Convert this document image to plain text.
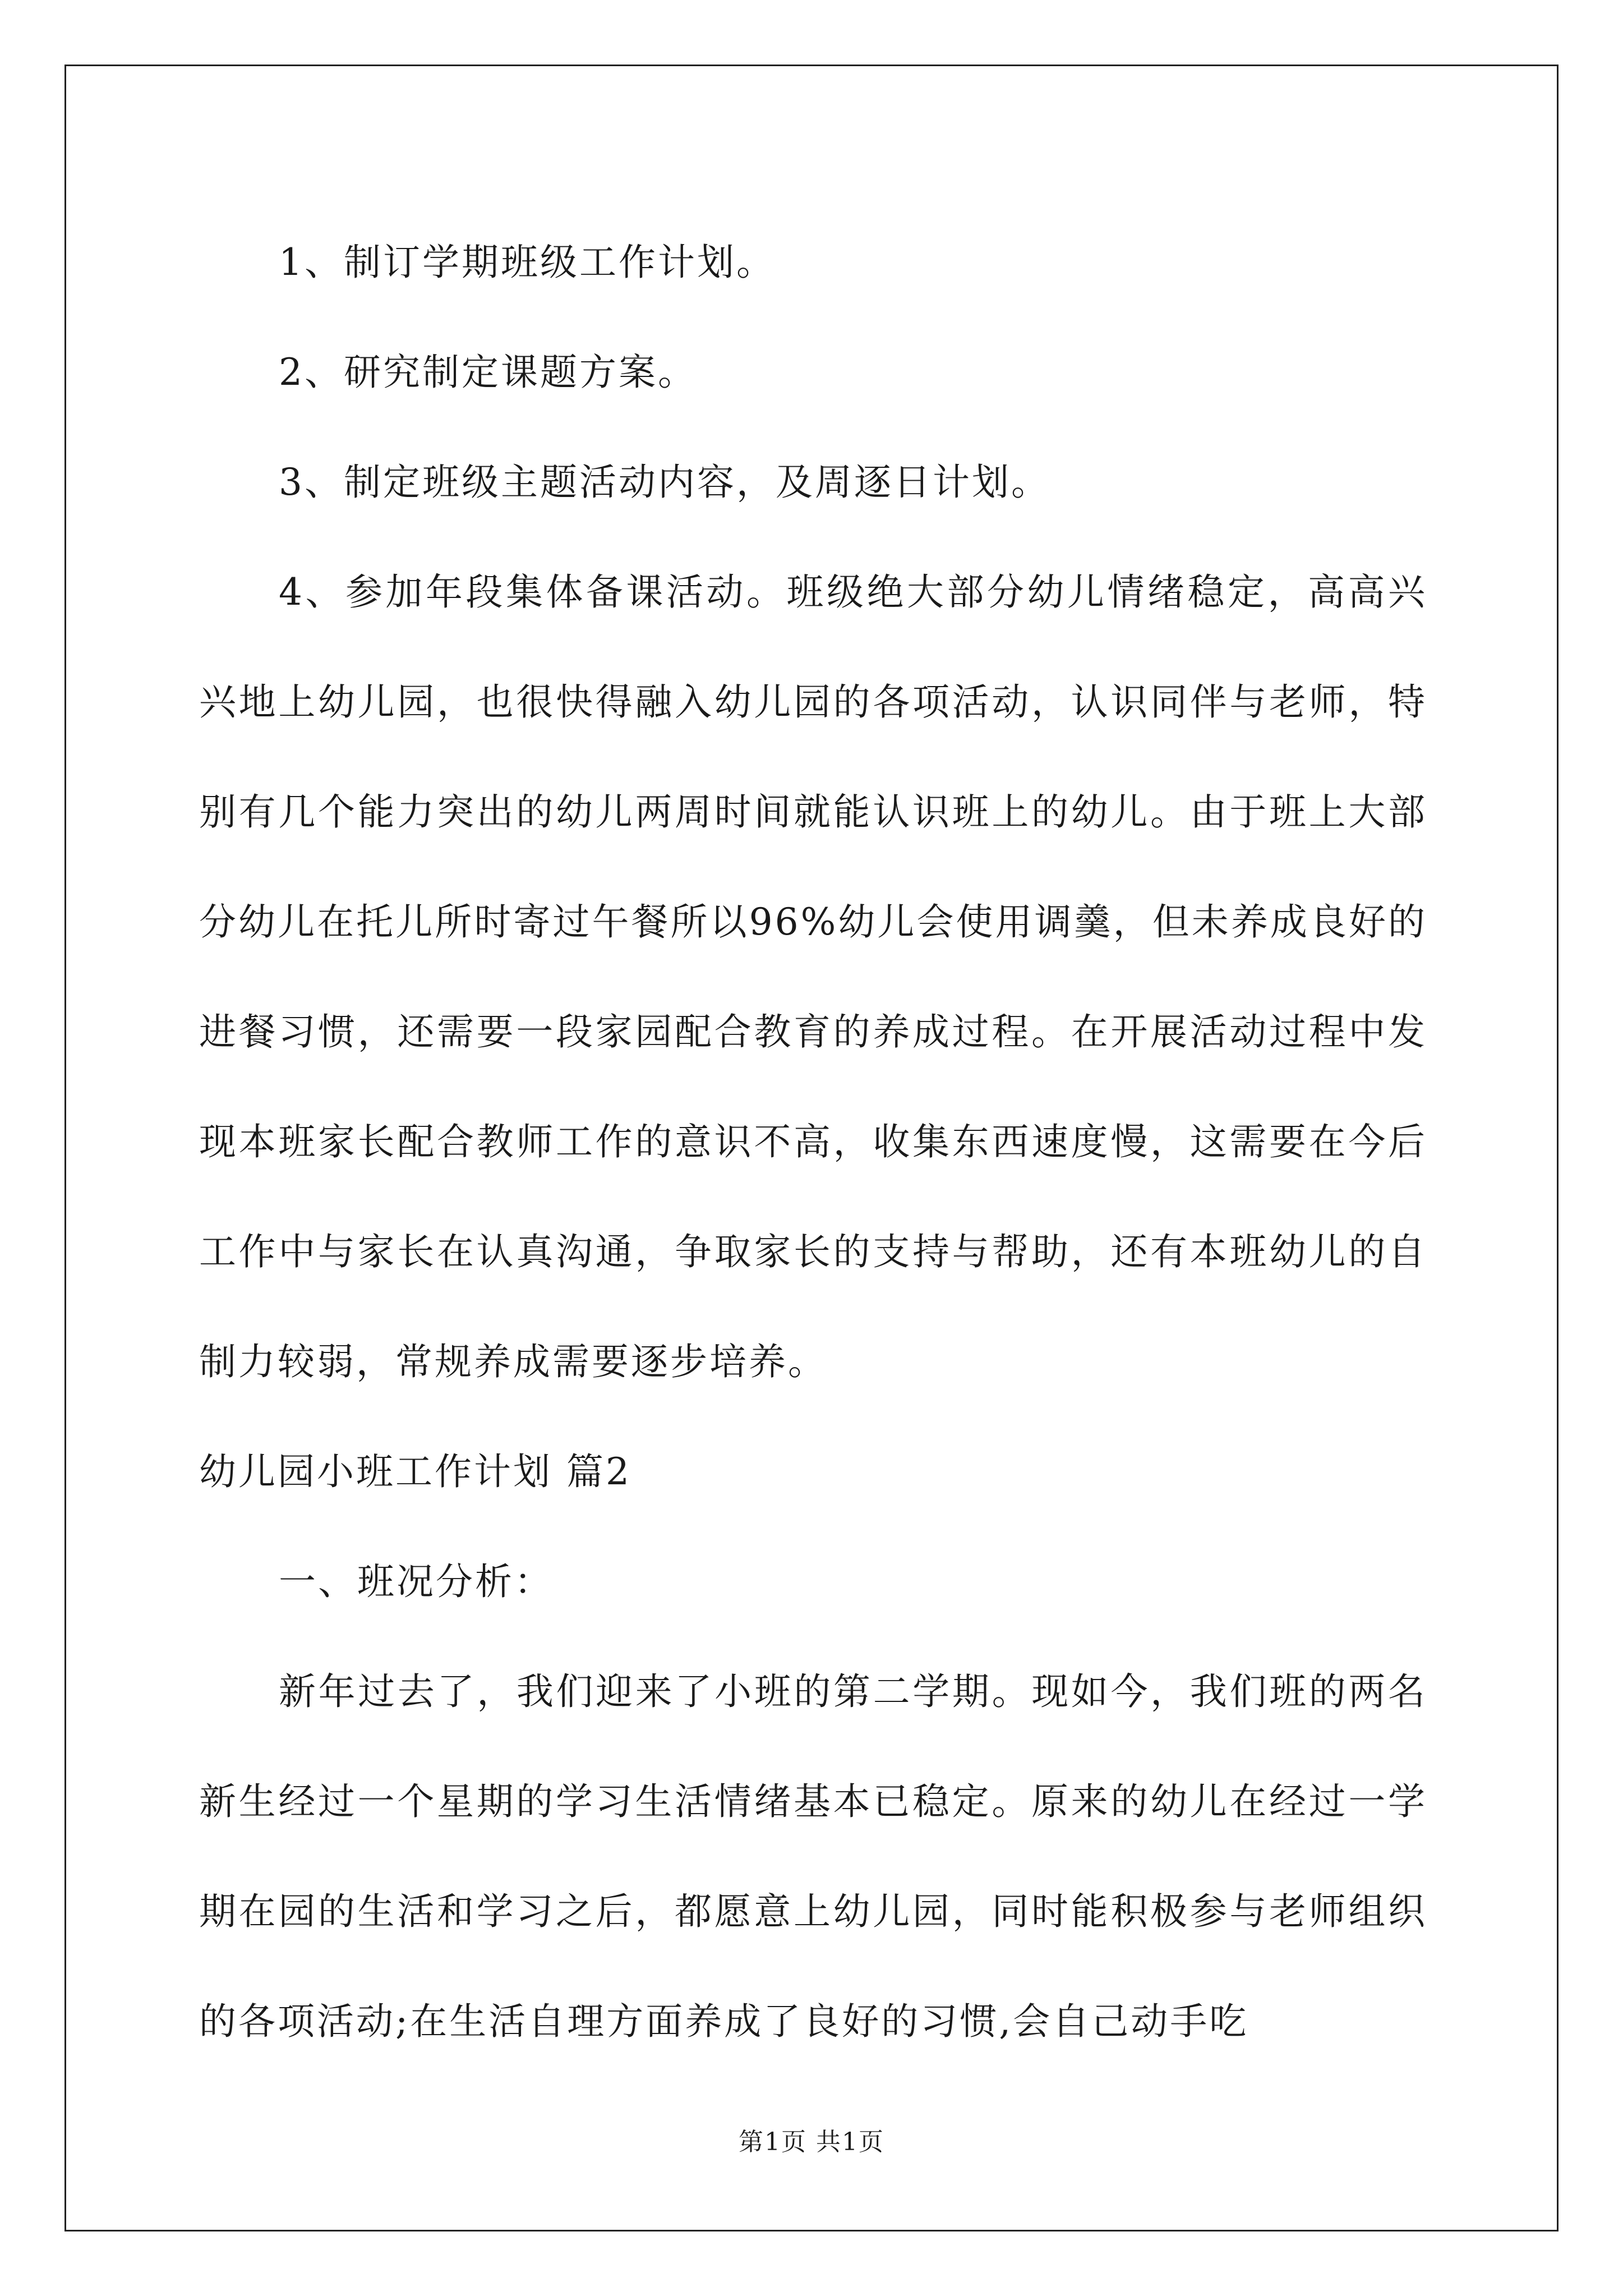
1、制订学期班级工作计划。

2、研究制定课题方案。

3、制定班级主题活动内容，及周逐日计划。

4、参加年段集体备课活动。班级绝大部分幼儿情绪稳定，高高兴兴地上幼儿园，也很快得融入幼儿园的各项活动，认识同伴与老师，特别有几个能力突出的幼儿两周时间就能认识班上的幼儿。由于班上大部分幼儿在托儿所时寄过午餐所以96%幼儿会使用调羹，但未养成良好的进餐习惯，还需要一段家园配合教育的养成过程。在开展活动过程中发现本班家长配合教师工作的意识不高，收集东西速度慢，这需要在今后工作中与家长在认真沟通，争取家长的支持与帮助，还有本班幼儿的自制力较弱，常规养成需要逐步培养。

幼儿园小班工作计划 篇2

一、班况分析：

新年过去了，我们迎来了小班的第二学期。现如今，我们班的两名新生经过一个星期的学习生活情绪基本已稳定。原来的幼儿在经过一学期在园的生活和学习之后，都愿意上幼儿园，同时能积极参与老师组织的各项活动;在生活自理方面养成了良好的习惯,会自己动手吃

第1页 共1页
